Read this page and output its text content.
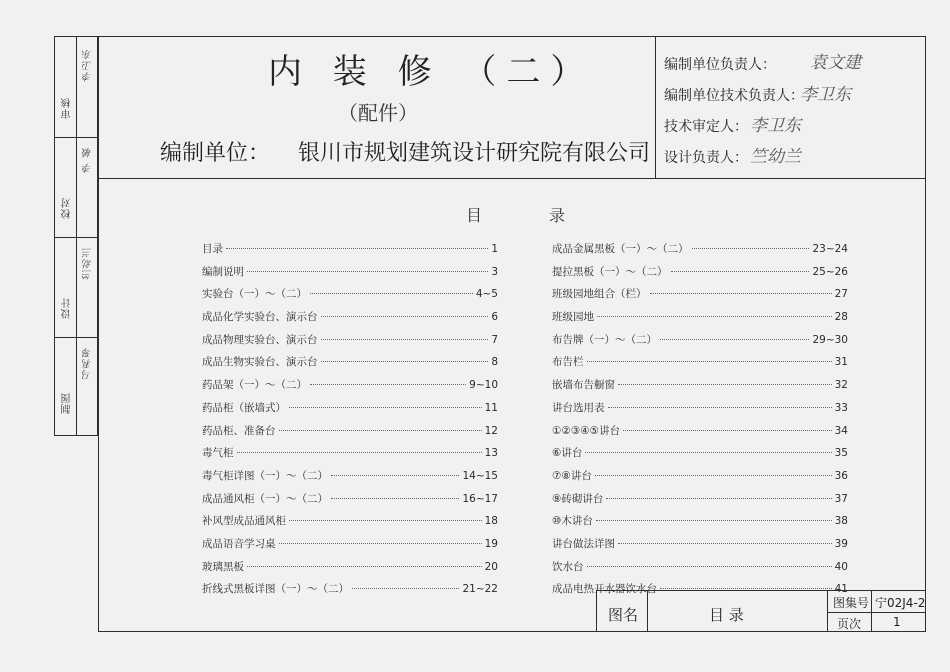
审核
李卫东
校对
李 敏
设计
竺幼兰
制图
马利琴
内 装 修 （二）
（配件）
编制单位： 银川市规划建筑设计研究院有限公司
编制单位负责人： 袁文建
编制单位技术负责人：
李卫东
技术审定人： 李卫东
设计负责人： 竺幼兰
目	录
目录	1
编制说明	3
实验台（一）～（二）	4~5
成品化学实验台、演示台	6
成品物理实验台、演示台	7
成品生物实验台、演示台	8
药品架（一）～（二）	9~10
药品柜（嵌墙式）	11
药品柜、准备台	12
毒气柜	13
毒气柜详图（一）～（二）	14~15
成品通风柜（一）～（二）	16~17
补风型成品通风柜	18
成品语音学习桌	19
玻璃黑板	20
折线式黑板详图（一）～（二）	21~22
成品金属黑板（一）～（二）	23~24
提拉黑板（一）～（二）	25~26
班级园地组合（栏）	27
班级园地	28
布告牌（一）～（二）	29~30
布告栏	31
嵌墙布告橱窗	32
讲台选用表	33
①②③④⑤讲台	34
⑥讲台	35
⑦⑧讲台	36
⑨砖砌讲台	37
⑩木讲台	38
讲台做法详图	39
饮水台	40
成品电热开水器饮水台	41
图名	目 录
图集号 宁02J4-2
页次	1
